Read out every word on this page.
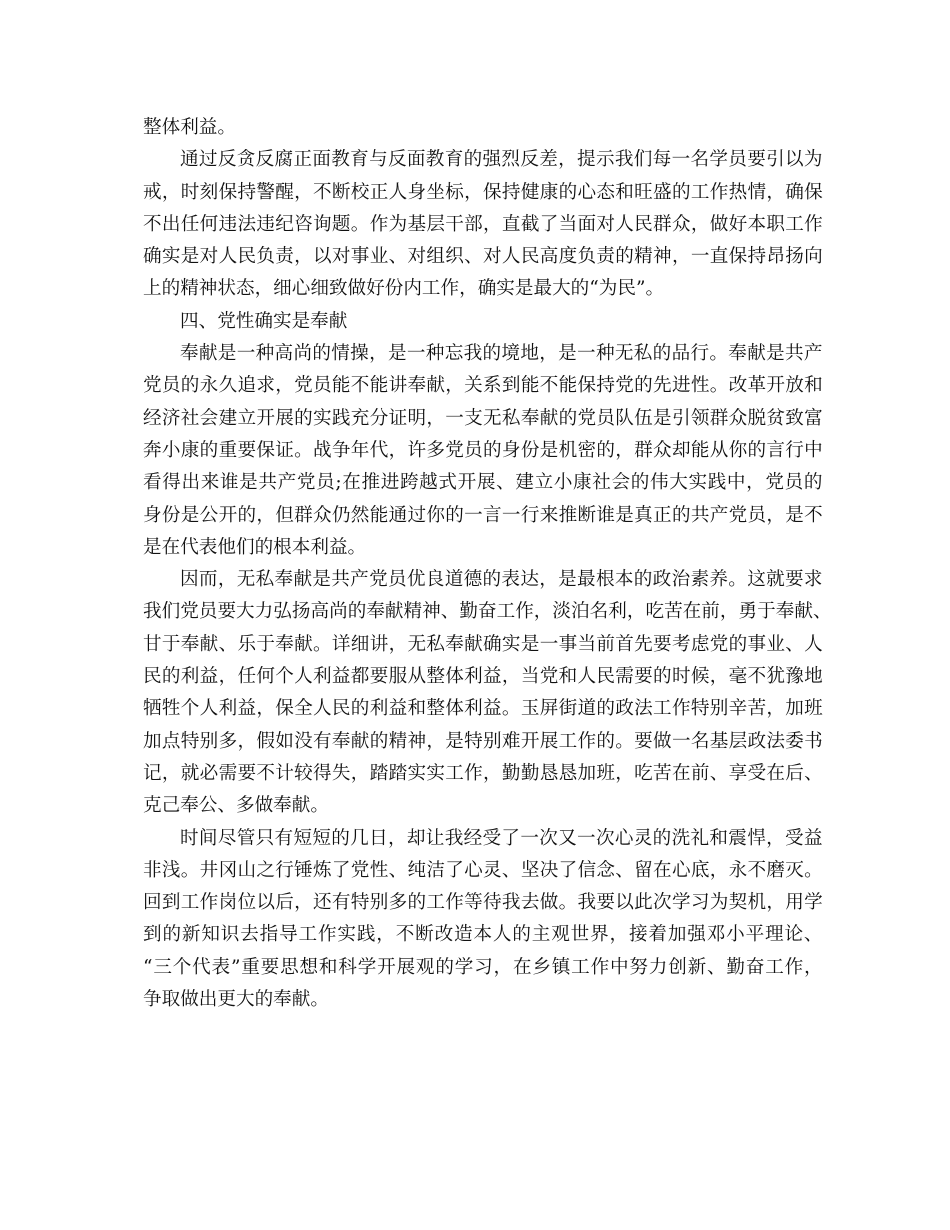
整体利益。
通 过 反 贪 反 腐 正 面 教 育 与 反 面 教 育 的 强 烈 反 差 ， 提 示 我 们 每 一 名 学 员 要 引 以 为
戒 ， 时 刻 保 持 警 醒 ， 不 断 校 正 人 身 坐 标 ， 保 持 健 康 的 心 态 和 旺 盛 的 工 作 热 情 ， 确 保
不 出 任 何 违 法 违 纪 咨 询 题 。 作 为 基 层 干 部 ， 直 截 了 当 面 对 人 民 群 众 ， 做 好 本 职 工 作
确 实 是 对 人 民 负 责 ， 以 对 事 业 、 对 组 织 、 对 人 民 高 度 负 责 的 精 神 ， 一 直 保 持 昂 扬 向
上的精神状态，细心细致做好份内工作，确实是最大的“为民”。
四、党性确实是奉献
奉 献 是 一 种 高 尚 的 情 操 ， 是 一 种 忘 我 的 境 地 ， 是 一 种 无 私 的 品 行 。 奉 献 是 共 产
党 员 的 永 久 追 求 ， 党 员 能 不 能 讲 奉 献 ， 关 系 到 能 不 能 保 持 党 的 先 进 性 。 改 革 开 放 和
经 济 社 会 建 立 开 展 的 实 践 充 分 证 明 ， 一 支 无 私 奉 献 的 党 员 队 伍 是 引 领 群 众 脱 贫 致 富
奔 小 康 的 重 要 保 证 。 战 争 年 代 ， 许 多 党 员 的 身 份 是 机 密 的 ， 群 众 却 能 从 你 的 言 行 中
看 得 出 来 谁 是 共 产 党 员 ; 在 推 进 跨 越 式 开 展 、 建 立 小 康 社 会 的 伟 大 实 践 中 ， 党 员 的
身 份 是 公 开 的 ， 但 群 众 仍 然 能 通 过 你 的 一 言 一 行 来 推 断 谁 是 真 正 的 共 产 党 员 ， 是 不
是在代表他们的根本利益。
因 而 ， 无 私 奉 献 是 共 产 党 员 优 良 道 德 的 表 达 ， 是 最 根 本 的 政 治 素 养 。 这 就 要 求
我 们 党 员 要 大 力 弘 扬 高 尚 的 奉 献 精 神 、 勤 奋 工 作 ， 淡 泊 名 利 ， 吃 苦 在 前 ， 勇 于 奉 献 、
甘 于 奉 献 、 乐 于 奉 献 。 详 细 讲 ， 无 私 奉 献 确 实 是 一 事 当 前 首 先 要 考 虑 党 的 事 业 、 人
民 的 利 益 ， 任 何 个 人 利 益 都 要 服 从 整 体 利 益 ， 当 党 和 人 民 需 要 的 时 候 ， 毫 不 犹 豫 地
牺 牲 个 人 利 益 ， 保 全 人 民 的 利 益 和 整 体 利 益 。 玉 屏 街 道 的 政 法 工 作 特 别 辛 苦 ， 加 班
加 点 特 别 多 ， 假 如 没 有 奉 献 的 精 神 ， 是 特 别 难 开 展 工 作 的 。 要 做 一 名 基 层 政 法 委 书
记 ， 就 必 需 要 不 计 较 得 失 ， 踏 踏 实 实 工 作 ， 勤 勤 恳 恳 加 班 ， 吃 苦 在 前 、 享 受 在 后 、
克己奉公、多做奉献。
时 间 尽 管 只 有 短 短 的 几 日 ， 却 让 我 经 受 了 一 次 又 一 次 心 灵 的 洗 礼 和 震 悍 ， 受 益
非 浅 。 井 冈 山 之 行 锤 炼 了 党 性 、 纯 洁 了 心 灵 、 坚 决 了 信 念 、 留 在 心 底 ， 永 不 磨 灭 。
回 到 工 作 岗 位 以 后 ， 还 有 特 别 多 的 工 作 等 待 我 去 做 。 我 要 以 此 次 学 习 为 契 机 ， 用 学
到 的 新 知 识 去 指 导 工 作 实 践 ， 不 断 改 造 本 人 的 主 观 世 界 ， 接 着 加 强 邓 小 平 理 论 、
“ 三 个 代 表 ” 重 要 思 想 和 科 学 开 展 观 的 学 习 ， 在 乡 镇 工 作 中 努 力 创 新 、 勤 奋 工 作 ，
争取做出更大的奉献。
